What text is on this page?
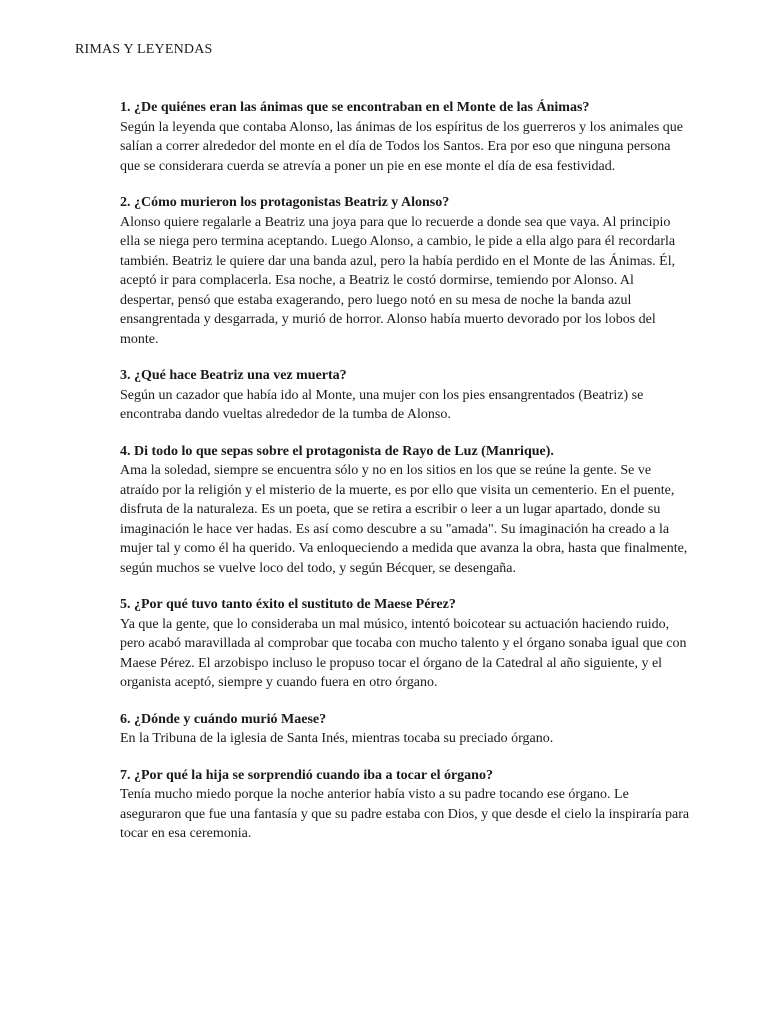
RIMAS Y LEYENDAS
1. ¿De quiénes eran las ánimas que se encontraban en el Monte de las Ánimas?
Según la leyenda que contaba Alonso, las ánimas de los espíritus de los guerreros y los animales que salían a correr alrededor del monte en el día de Todos los Santos. Era por eso que ninguna persona que se considerara cuerda se atrevía a poner un pie en ese monte el día de esa festividad.
2. ¿Cómo murieron los protagonistas Beatriz y Alonso?
Alonso quiere regalarle a Beatriz una joya para que lo recuerde a donde sea que vaya. Al principio ella se niega pero termina aceptando. Luego Alonso, a cambio, le pide a ella algo para él recordarla también. Beatriz le quiere dar una banda azul, pero la había perdido en el Monte de las Ánimas. Él, aceptó ir para complacerla. Esa noche, a Beatriz le costó dormirse, temiendo por Alonso. Al despertar, pensó que estaba exagerando, pero luego notó en su mesa de noche la banda azul ensangrentada y desgarrada, y murió de horror. Alonso había muerto devorado por los lobos del monte.
3. ¿Qué hace Beatriz una vez muerta?
Según un cazador que había ido al Monte, una mujer con los pies ensangrentados (Beatriz) se encontraba dando vueltas alrededor de la tumba de Alonso.
4. Di todo lo que sepas sobre el protagonista de Rayo de Luz (Manrique).
Ama la soledad, siempre se encuentra sólo y no en los sitios en los que se reúne la gente. Se ve atraído por la religión y el misterio de la muerte, es por ello que visita un cementerio. En el puente, disfruta de la naturaleza. Es un poeta, que se retira a escribir o leer a un lugar apartado, donde su imaginación le hace ver hadas. Es así como descubre a su "amada". Su imaginación ha creado a la mujer tal y como él ha querido. Va enloqueciendo a medida que avanza la obra, hasta que finalmente, según muchos se vuelve loco del todo, y según Bécquer, se desengaña.
5. ¿Por qué tuvo tanto éxito el sustituto de Maese Pérez?
Ya que la gente, que lo consideraba un mal músico, intentó boicotear su actuación haciendo ruido, pero acabó maravillada al comprobar que tocaba con mucho talento y el órgano sonaba igual que con Maese Pérez. El arzobispo incluso le propuso tocar el órgano de la Catedral al año siguiente, y el organista aceptó, siempre y cuando fuera en otro órgano.
6. ¿Dónde y cuándo murió Maese?
En la Tribuna de la iglesia de Santa Inés, mientras tocaba su preciado órgano.
7. ¿Por qué la hija se sorprendió cuando iba a tocar el órgano?
Tenía mucho miedo porque la noche anterior había visto a su padre tocando ese órgano. Le aseguraron que fue una fantasía y que su padre estaba con Dios, y que desde el cielo la inspiraría para tocar en esa ceremonia.
